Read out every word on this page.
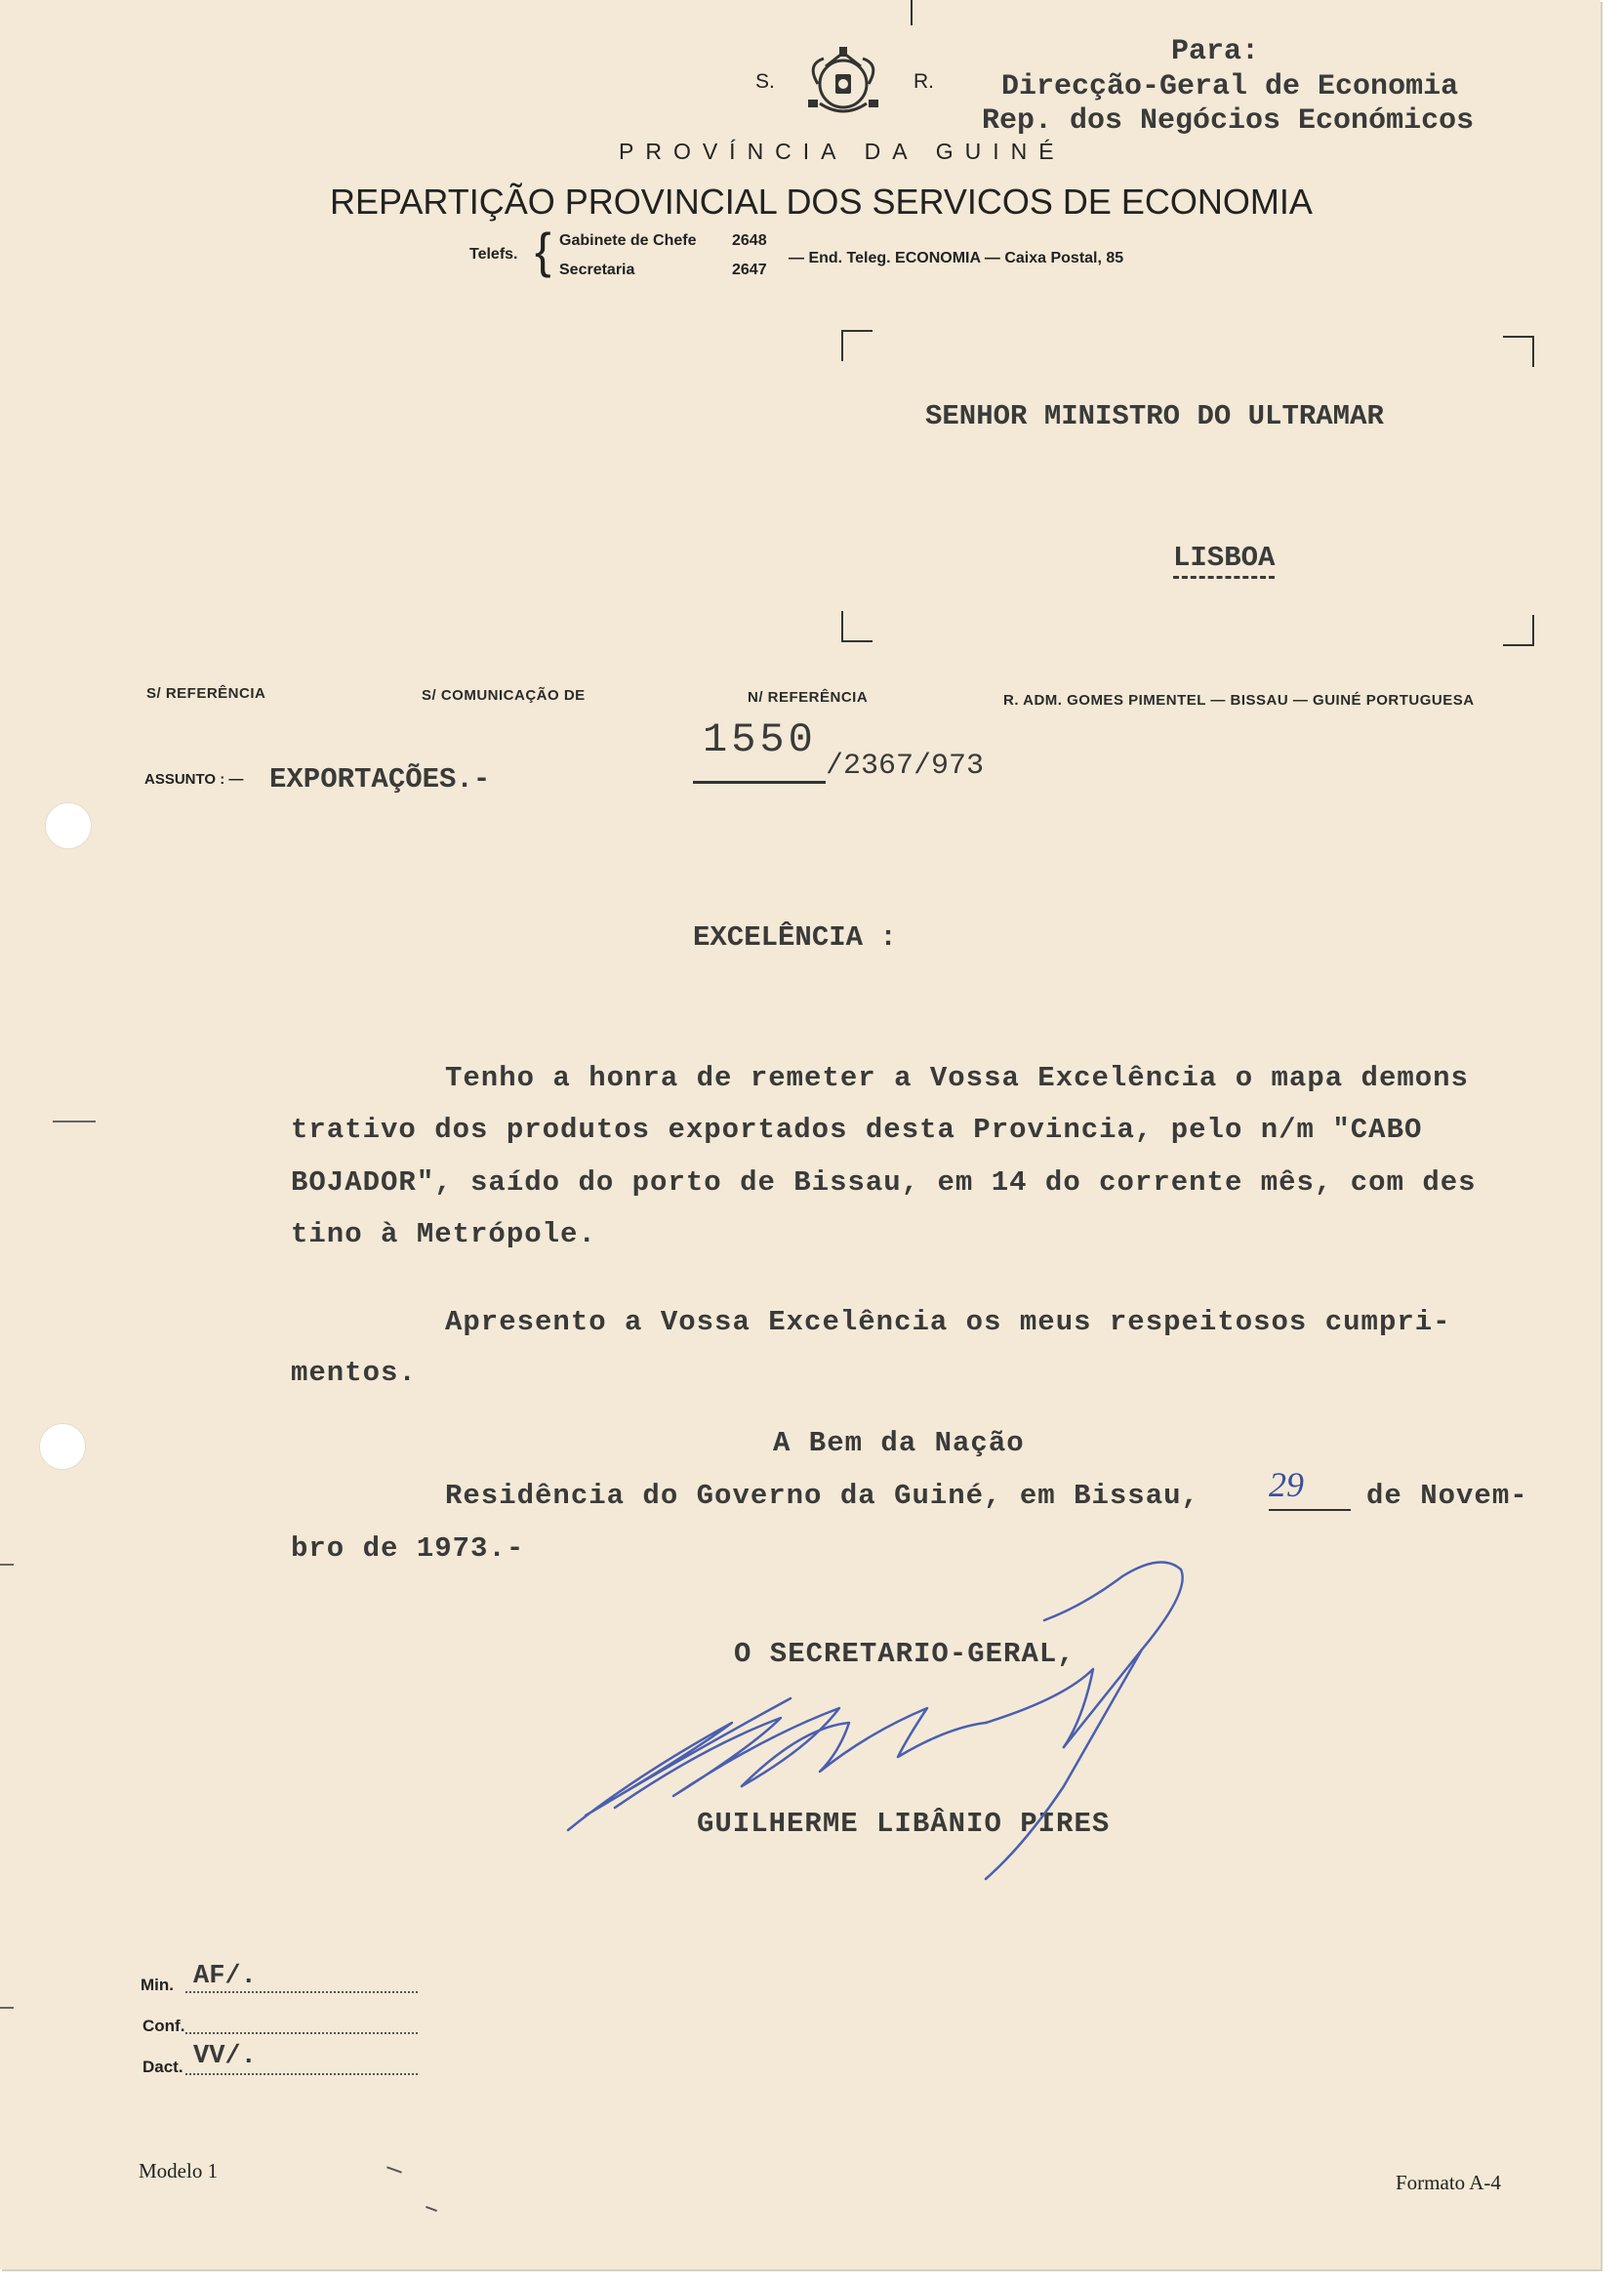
Para:
Direcção-Geral de Economia
Rep. dos Negócios Económicos
S.	R.
PROVÍNCIA DA GUINÉ
REPARTIÇÃO PROVINCIAL DOS SERVICOS DE ECONOMIA
Telefs. { Gabinete de Chefe 2648
Secretaria	2647
— End. Teleg. ECONOMIA — Caixa Postal, 85
SENHOR MINISTRO DO ULTRAMAR
LISBOA
S/ REFERÊNCIA	S/ COMUNICAÇÃO DE	N/ REFERÊNCIA	R. ADM. GOMES PIMENTEL — BISSAU — GUINÉ PORTUGUESA
ASSUNTO : — EXPORTAÇÕES.-
1550
/2367/973
EXCELÊNCIA :
Tenho a honra de remeter a Vossa Excelência o mapa demons
trativo dos produtos exportados desta Provincia, pelo n/m "CABO
BOJADOR", saído do porto de Bissau, em 14 do corrente mês, com des
tino à Metrópole.
Apresento a Vossa Excelência os meus respeitosos cumpri-
mentos.
A Bem da Nação
Residência do Governo da Guiné, em Bissau, 29 de Novem-
bro de 1973.-
O SECRETARIO-GERAL,
GUILHERME LIBÂNIO PIRES
Min. AF/.
Conf.
Dact. VV/.
Modelo 1	Formato A-4
